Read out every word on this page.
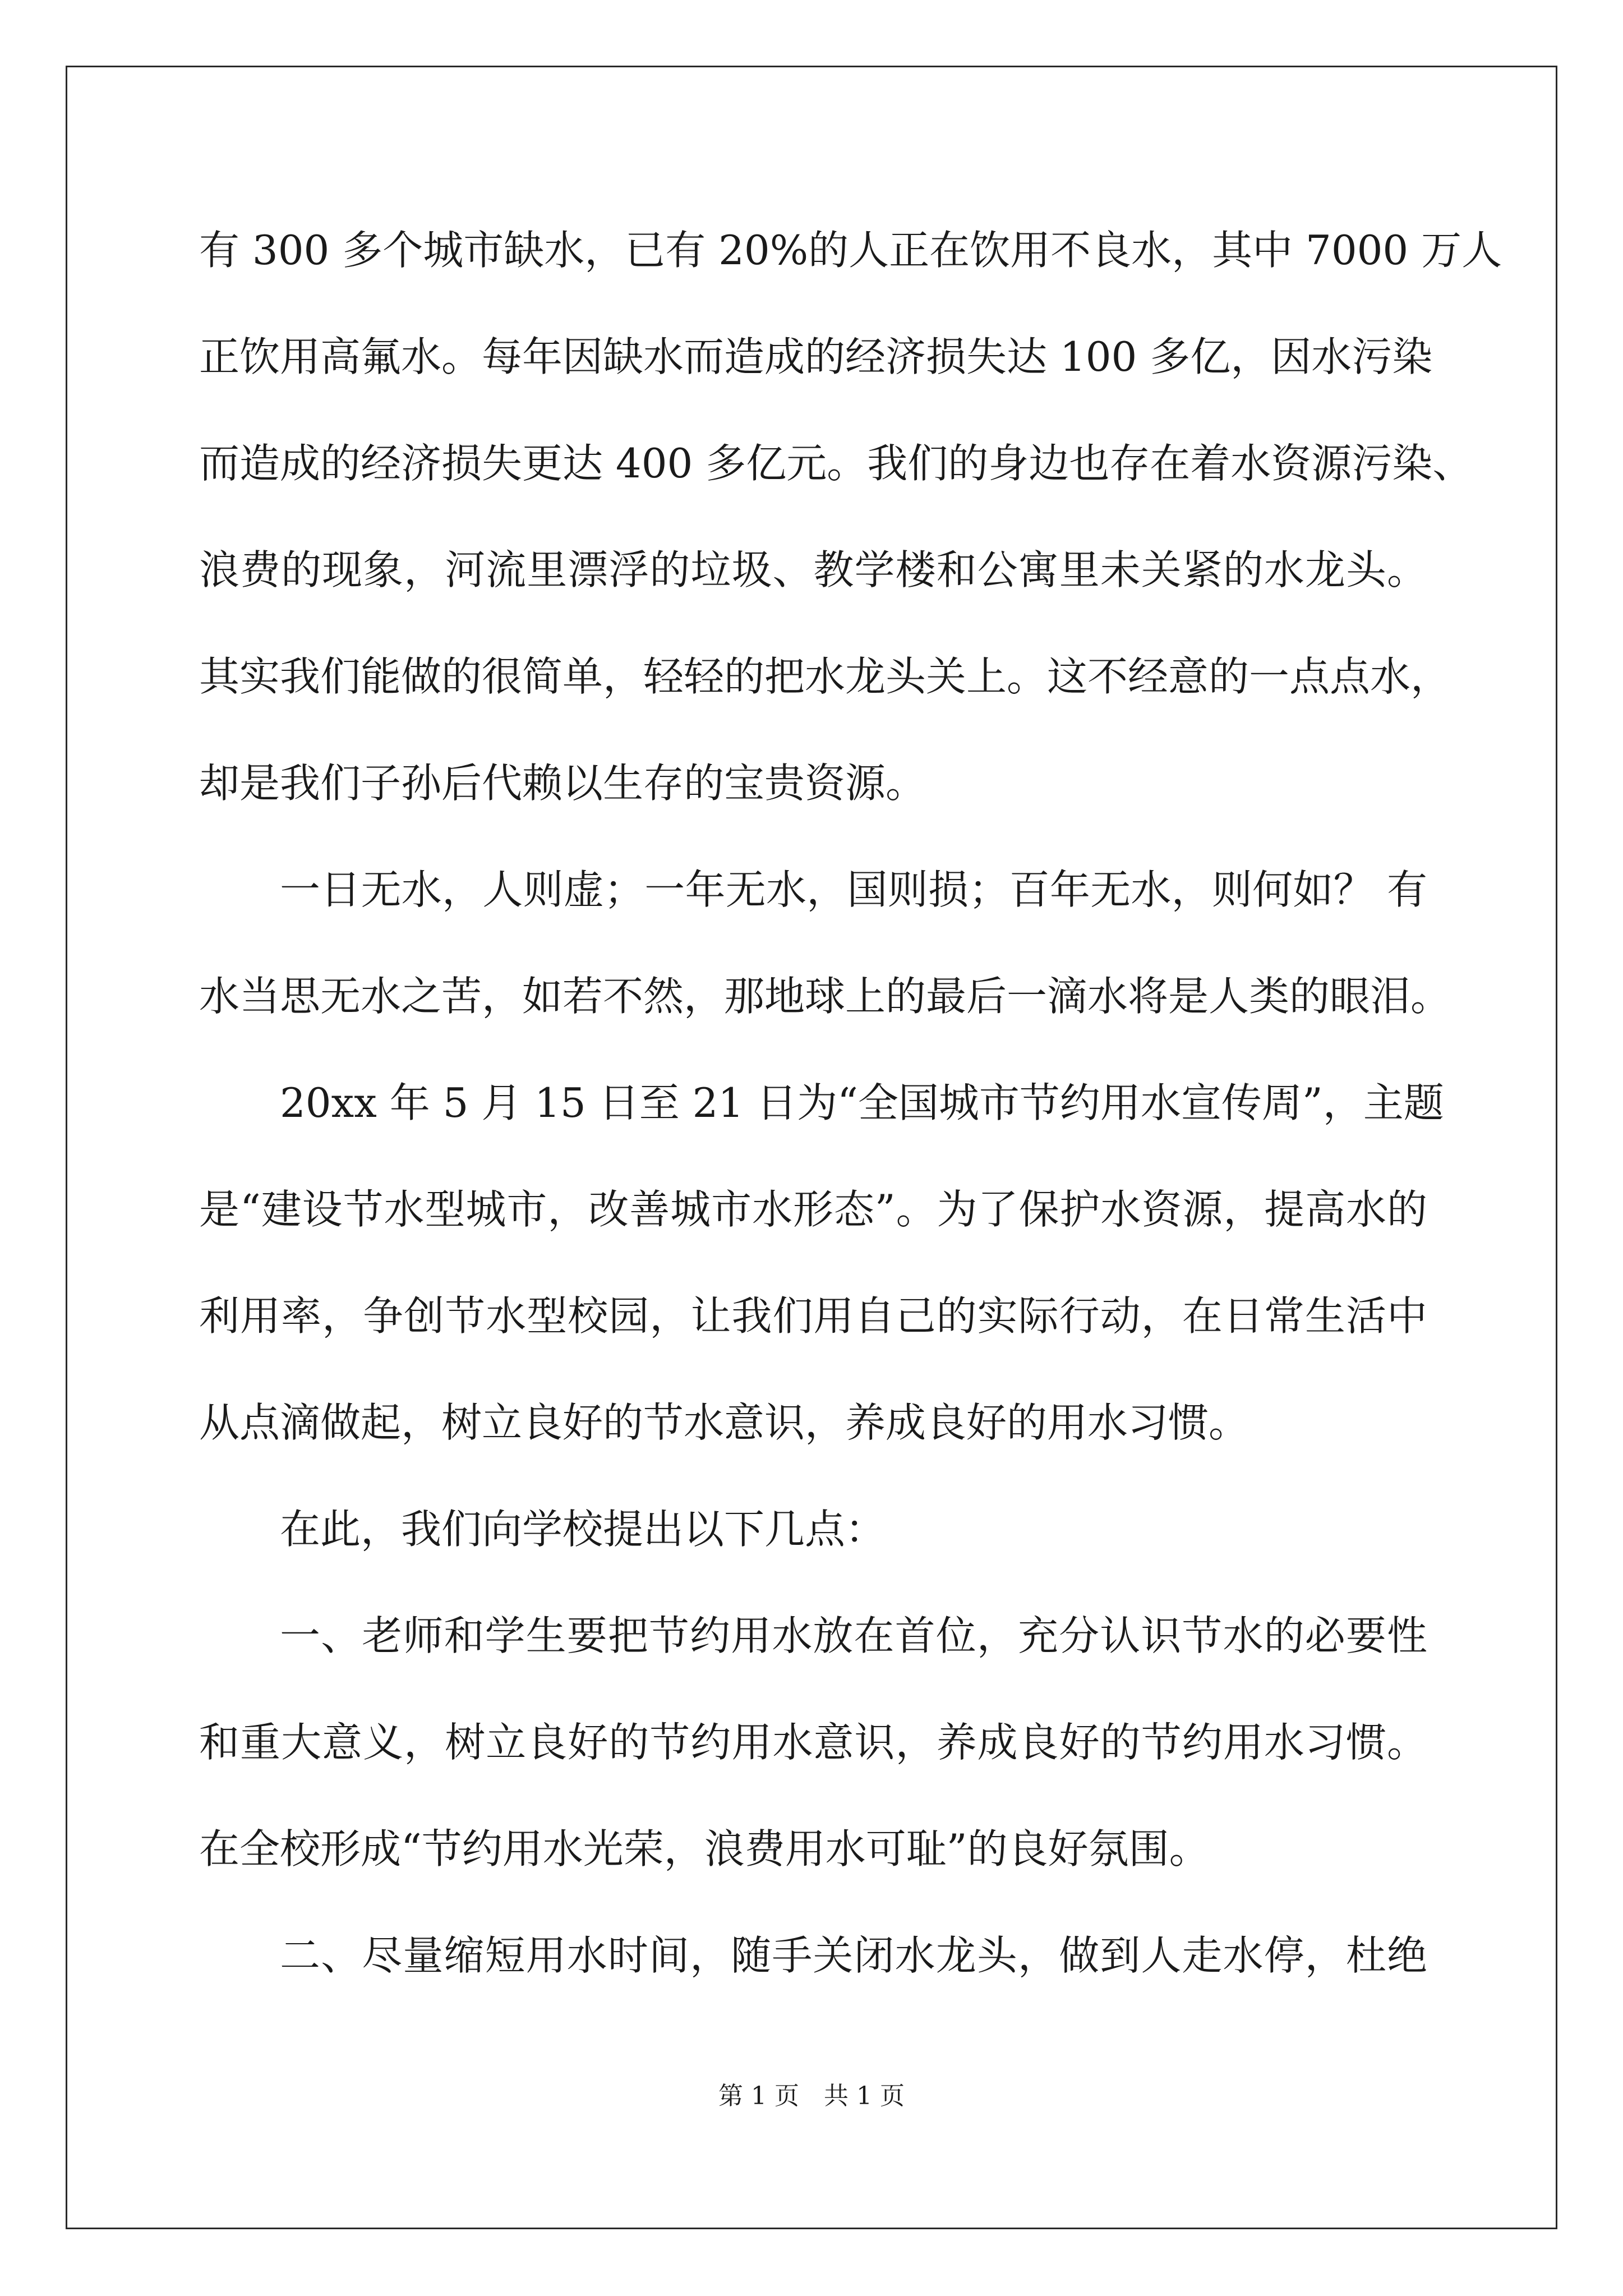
有 300 多个城市缺水，已有 20%的人正在饮用不良水，其中 7000 万人
正饮用高氟水。每年因缺水而造成的经济损失达 100 多亿，因水污染
而造成的经济损失更达 400 多亿元。我们的身边也存在着水资源污染、
浪费的现象，河流里漂浮的垃圾、教学楼和公寓里未关紧的水龙头。
其实我们能做的很简单，轻轻的把水龙头关上。这不经意的一点点水，
却是我们子孙后代赖以生存的宝贵资源。
一日无水，人则虚；一年无水，国则损；百年无水，则何如？ 有
水当思无水之苦，如若不然，那地球上的最后一滴水将是人类的眼泪。
20xx 年 5 月 15 日至 21 日为“全国城市节约用水宣传周”，主题
是“建设节水型城市，改善城市水形态”。为了保护水资源，提高水的
利用率，争创节水型校园，让我们用自己的实际行动，在日常生活中
从点滴做起，树立良好的节水意识，养成良好的用水习惯。
在此，我们向学校提出以下几点：
一、老师和学生要把节约用水放在首位，充分认识节水的必要性
和重大意义，树立良好的节约用水意识，养成良好的节约用水习惯。
在全校形成“节约用水光荣，浪费用水可耻”的良好氛围。
二、尽量缩短用水时间，随手关闭水龙头，做到人走水停，杜绝
第 1 页　共 1 页
